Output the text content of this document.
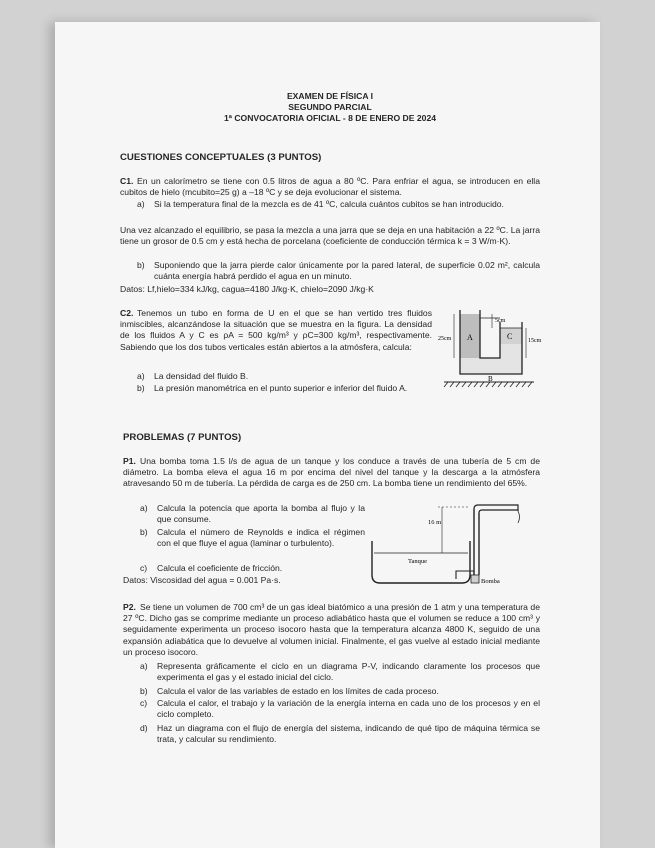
EXAMEN DE FÍSICA I
SEGUNDO PARCIAL
1ª CONVOCATORIA OFICIAL - 8 DE ENERO DE 2024
CUESTIONES CONCEPTUALES (3 PUNTOS)
C1. En un calorímetro se tiene con 0.5 litros de agua a 80 ºC. Para enfriar el agua, se introducen en ella cubitos de hielo (mcubito=25 g) a –18 ºC y se deja evolucionar el sistema.
a) Si la temperatura final de la mezcla es de 41 ºC, calcula cuántos cubitos se han introducido.
Una vez alcanzado el equilibrio, se pasa la mezcla a una jarra que se deja en una habitación a 22 ºC. La jarra tiene un grosor de 0.5 cm y está hecha de porcelana (coeficiente de conducción térmica k = 3 W/m·K).
b) Suponiendo que la jarra pierde calor únicamente por la pared lateral, de superficie 0.02 m², calcula cuánta energía habrá perdido el agua en un minuto.
Datos: Lf,hielo=334 kJ/kg, cagua=4180 J/kg·K, chielo=2090 J/kg·K
C2. Tenemos un tubo en forma de U en el que se han vertido tres fluidos inmiscibles, alcanzándose la situación que se muestra en la figura. La densidad de los fluidos A y C es ρA = 500 kg/m³ y ρC=300 kg/m³, respectivamente. Sabiendo que los dos tubos verticales están abiertos a la atmósfera, calcula:
a) La densidad del fluido B.
b) La presión manométrica en el punto superior e inferior del fluido A.
5cm
25cm	15cm
A	C
B
PROBLEMAS (7 PUNTOS)
P1. Una bomba toma 1.5 l/s de agua de un tanque y los conduce a través de una tubería de 5 cm de diámetro. La bomba eleva el agua 16 m por encima del nivel del tanque y la descarga a la atmósfera atravesando 50 m de tubería. La pérdida de carga es de 250 cm. La bomba tiene un rendimiento del 65%.
a) Calcula la potencia que aporta la bomba al flujo y la que consume.
b) Calcula el número de Reynolds e indica el régimen con el que fluye el agua (laminar o turbulento).
c) Calcula el coeficiente de fricción.
Datos: Viscosidad del agua = 0.001 Pa·s.
Tanque
Bomba
16 m
P2. Se tiene un volumen de 700 cm³ de un gas ideal biatómico a una presión de 1 atm y una temperatura de 27 ºC. Dicho gas se comprime mediante un proceso adiabático hasta que el volumen se reduce a 100 cm³ y seguidamente experimenta un proceso isocoro hasta que la temperatura alcanza 4800 K, seguido de una expansión adiabática que lo devuelve al volumen inicial. Finalmente, el gas vuelve al estado inicial mediante un proceso isocoro.
a) Representa gráficamente el ciclo en un diagrama P-V, indicando claramente los procesos que experimenta el gas y el estado inicial del ciclo.
b) Calcula el valor de las variables de estado en los límites de cada proceso.
c) Calcula el calor, el trabajo y la variación de la energía interna en cada uno de los procesos y en el ciclo completo.
d) Haz un diagrama con el flujo de energía del sistema, indicando de qué tipo de máquina térmica se trata, y calcular su rendimiento.
